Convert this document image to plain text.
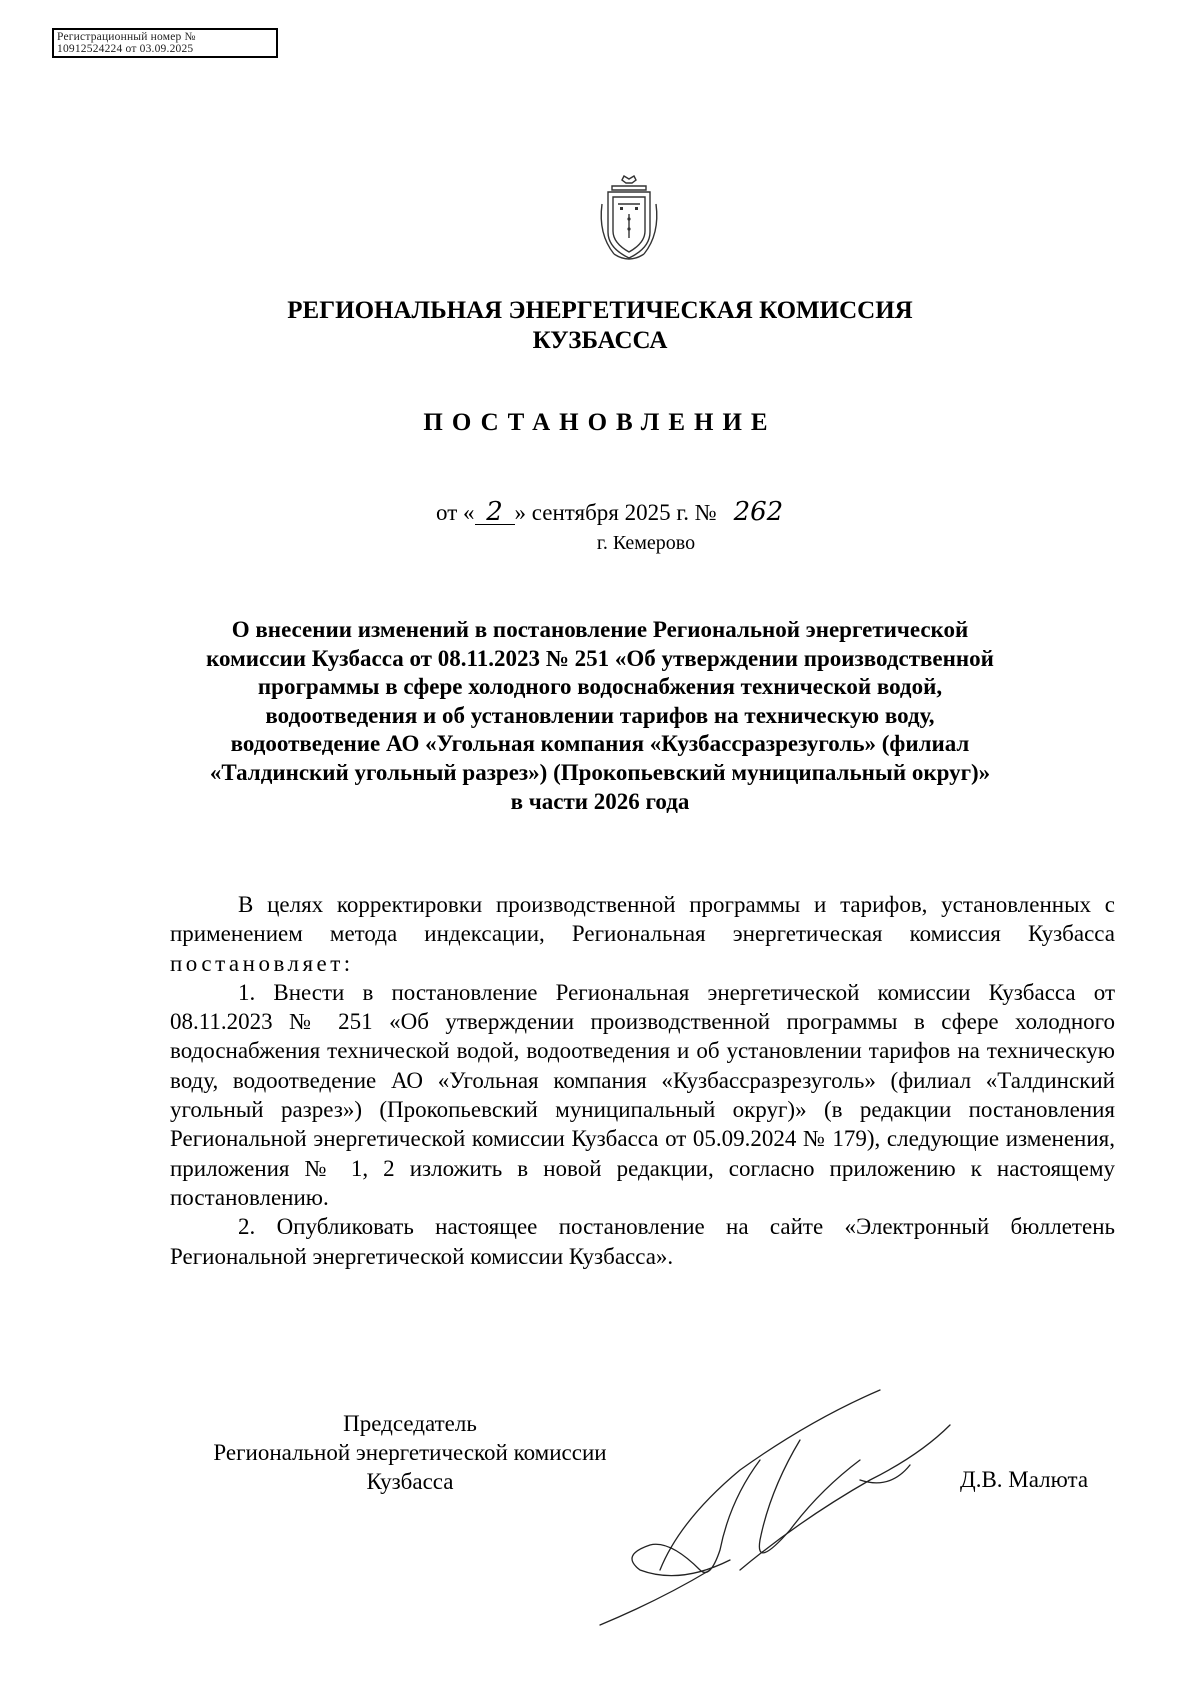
Регистрационный номер №
10912524224 от 03.09.2025
РЕГИОНАЛЬНАЯ ЭНЕРГЕТИЧЕСКАЯ КОМИССИЯ
КУЗБАССА
ПОСТАНОВЛЕНИЕ
от « 2 » сентября 2025 г. № 262
г. Кемерово
О внесении изменений в постановление Региональной энергетической
комиссии Кузбасса от 08.11.2023 № 251 «Об утверждении производственной
программы в сфере холодного водоснабжения технической водой,
водоотведения и об установлении тарифов на техническую воду,
водоотведение АО «Угольная компания «Кузбассразрезуголь» (филиал
«Талдинский угольный разрез») (Прокопьевский муниципальный округ)»
в части 2026 года

В целях корректировки производственной программы и тарифов, установленных с применением метода индексации, Региональная энергетическая комиссия Кузбасса постановляет:

1. Внести в постановление Региональная энергетической комиссии Кузбасса от 08.11.2023 № 251 «Об утверждении производственной программы в сфере холодного водоснабжения технической водой, водоотведения и об установлении тарифов на техническую воду, водоотведение АО «Угольная компания «Кузбассразрезуголь» (филиал «Талдинский угольный разрез») (Прокопьевский муниципальный округ)» (в редакции постановления Региональной энергетической комиссии Кузбасса от 05.09.2024 № 179), следующие изменения, приложения № 1, 2 изложить в новой редакции, согласно приложению к настоящему постановлению.

2. Опубликовать настоящее постановление на сайте «Электронный бюллетень Региональной энергетической комиссии Кузбасса».

Председатель
Региональной энергетической комиссии
Кузбасса	Д.В. Малюта
